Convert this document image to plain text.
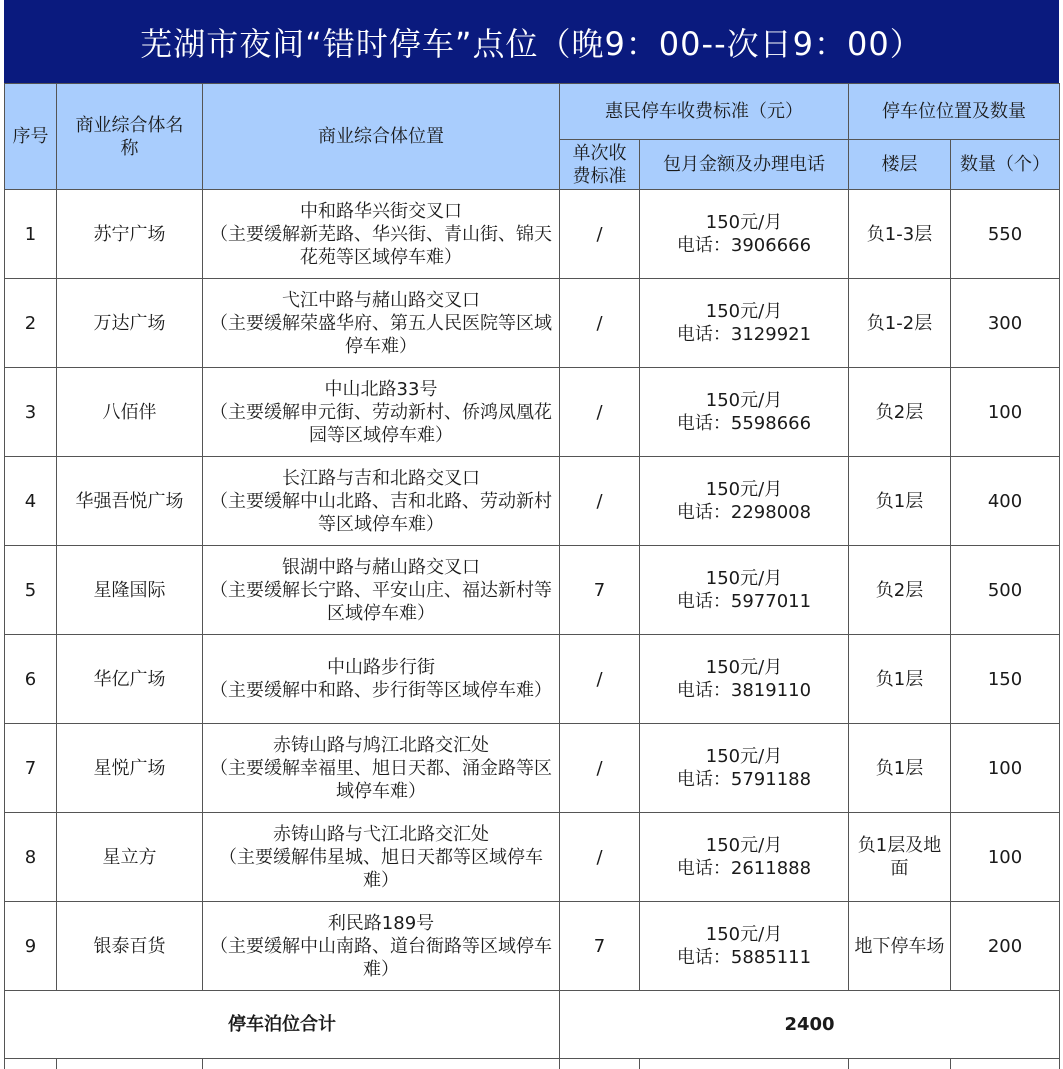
芜湖市夜间“错时停车”点位（晚9：00--次日9：00）
序号	商业综合体名称	商业综合体位置	惠民停车收费标准（元）		停车位位置及数量	
			单次收费标准	包月金额及办理电话	楼层	数量（个）
1	苏宁广场	中和路华兴街交叉口
（主要缓解新芜路、华兴街、青山街、锦天花苑等区域停车难）	/	150元/月
电话：3906666	负1-3层	550
2	万达广场	弋江中路与赭山路交叉口
（主要缓解荣盛华府、第五人民医院等区域停车难）	/	150元/月
电话：3129921	负1-2层	300
3	八佰伴	中山北路33号
（主要缓解申元街、劳动新村、侨鸿凤凰花园等区域停车难）	/	150元/月
电话：5598666	负2层	100
4	华强吾悦广场	长江路与吉和北路交叉口
（主要缓解中山北路、吉和北路、劳动新村等区域停车难）	/	150元/月
电话：2298008	负1层	400
5	星隆国际	银湖中路与赭山路交叉口
（主要缓解长宁路、平安山庄、福达新村等区域停车难）	7	150元/月
电话：5977011	负2层	500
6	华亿广场	中山路步行街
（主要缓解中和路、步行街等区域停车难）	/	150元/月
电话：3819110	负1层	150
7	星悦广场	赤铸山路与鸠江北路交汇处
（主要缓解幸福里、旭日天都、涌金路等区域停车难）	/	150元/月
电话：5791188	负1层	100
8	星立方	赤铸山路与弋江北路交汇处
（主要缓解伟星城、旭日天都等区域停车难）	/	150元/月
电话：2611888	负1层及地面	100
9	银泰百货	利民路189号
（主要缓解中山南路、道台衙路等区域停车难）	7	150元/月
电话：5885111	地下停车场	200
停车泊位合计			2400			
